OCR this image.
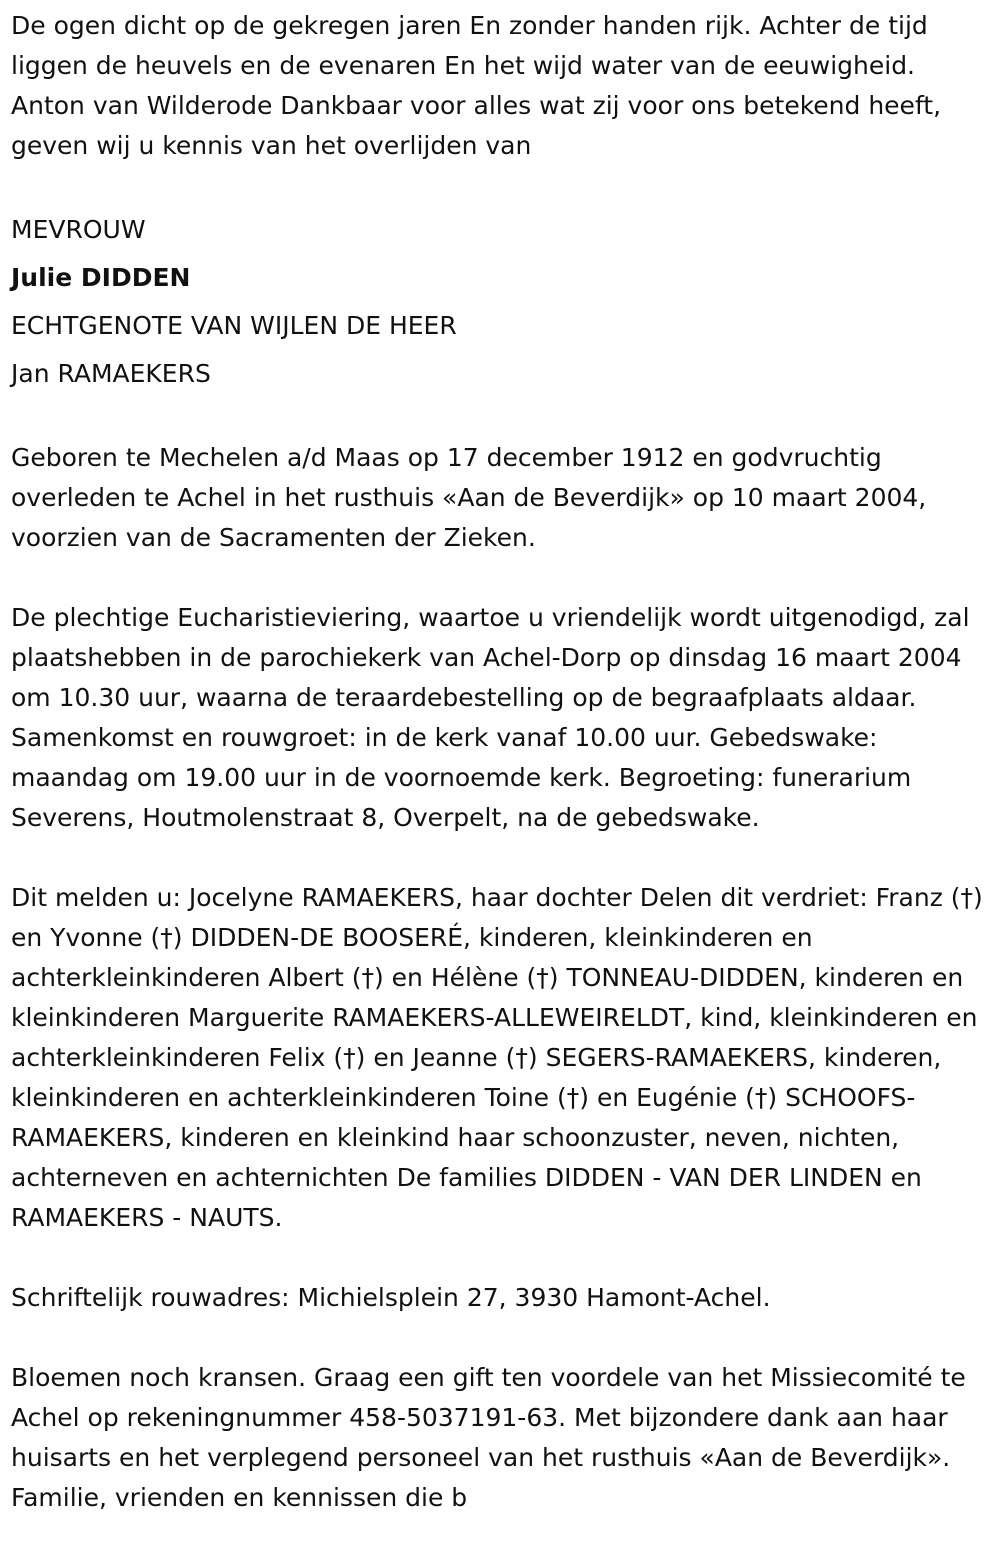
De ogen dicht op de gekregen jaren En zonder handen rijk. Achter de tijd liggen de heuvels en de evenaren En het wijd water van de eeuwigheid. Anton van Wilderode Dankbaar voor alles wat zij voor ons betekend heeft, geven wij u kennis van het overlijden van

MEVROUW

Julie DIDDEN

ECHTGENOTE VAN WIJLEN DE HEER

Jan RAMAEKERS

Geboren te Mechelen a/d Maas op 17 december 1912 en godvruchtig overleden te Achel in het rusthuis «Aan de Beverdijk» op 10 maart 2004, voorzien van de Sacramenten der Zieken.

De plechtige Eucharistieviering, waartoe u vriendelijk wordt uitgenodigd, zal plaatshebben in de parochiekerk van Achel-Dorp op dinsdag 16 maart 2004 om 10.30 uur, waarna de teraardebestelling op de begraafplaats aldaar. Samenkomst en rouwgroet: in de kerk vanaf 10.00 uur. Gebedswake: maandag om 19.00 uur in de voornoemde kerk. Begroeting: funerarium Severens, Houtmolenstraat 8, Overpelt, na de gebedswake.

Dit melden u: Jocelyne RAMAEKERS, haar dochter Delen dit verdriet: Franz (†) en Yvonne (†) DIDDEN-DE BOOSERÉ, kinderen, kleinkinderen en achterkleinkinderen Albert (†) en Hélène (†) TONNEAU-DIDDEN, kinderen en kleinkinderen Marguerite RAMAEKERS-ALLEWEIRELDT, kind, kleinkinderen en achterkleinkinderen Felix (†) en Jeanne (†) SEGERS-RAMAEKERS, kinderen, kleinkinderen en achterkleinkinderen Toine (†) en Eugénie (†) SCHOOFS-RAMAEKERS, kinderen en kleinkind haar schoonzuster, neven, nichten, achterneven en achternichten De families DIDDEN - VAN DER LINDEN en RAMAEKERS - NAUTS.

Schriftelijk rouwadres: Michielsplein 27, 3930 Hamont-Achel.

Bloemen noch kransen. Graag een gift ten voordele van het Missiecomité te Achel op rekeningnummer 458-5037191-63. Met bijzondere dank aan haar huisarts en het verplegend personeel van het rusthuis «Aan de Beverdijk». Familie, vrienden en kennissen die b
